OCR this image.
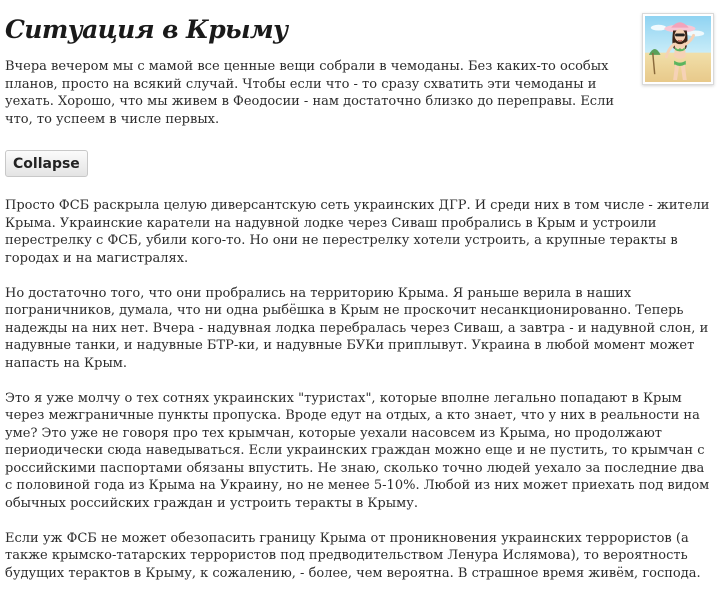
Ситуация в Крыму

Вчера вечером мы с мамой все ценные вещи собрали в чемоданы. Без каких-то особых планов, просто на всякий случай. Чтобы если что - то сразу схватить эти чемоданы и уехать. Хорошо, что мы живем в Феодосии - нам достаточно близко до переправы. Если что, то успеем в числе первых.

Collapse

Просто ФСБ раскрыла целую диверсантскую сеть украинских ДГР. И среди них в том числе - жители Крыма. Украинские каратели на надувной лодке через Сиваш пробрались в Крым и устроили перестрелку с ФСБ, убили кого-то. Но они не перестрелку хотели устроить, а крупные теракты в городах и на магистралях.

Но достаточно того, что они пробрались на территорию Крыма. Я раньше верила в наших пограничников, думала, что ни одна рыбёшка в Крым не проскочит несанкционированно. Теперь надежды на них нет. Вчера - надувная лодка перебралась через Сиваш, а завтра - и надувной слон, и надувные танки, и надувные БТР-ки, и надувные БУКи приплывут. Украина в любой момент может напасть на Крым.

Это я уже молчу о тех сотнях украинских "туристах", которые вполне легально попадают в Крым через межграничные пункты пропуска. Вроде едут на отдых, а кто знает, что у них в реальности на уме? Это уже не говоря про тех крымчан, которые уехали насовсем из Крыма, но продолжают периодически сюда наведываться. Если украинских граждан можно еще и не пустить, то крымчан с российскими паспортами обязаны впустить. Не знаю, сколько точно людей уехало за последние два с половиной года из Крыма на Украину, но не менее 5-10%. Любой из них может приехать под видом обычных российских граждан и устроить теракты в Крыму.

Если уж ФСБ не может обезопасить границу Крыма от проникновения украинских террористов (а также крымско-татарских террористов под предводительством Ленура Ислямова), то вероятность будущих терактов в Крыму, к сожалению, - более, чем вероятна. В страшное время живём, господа.
